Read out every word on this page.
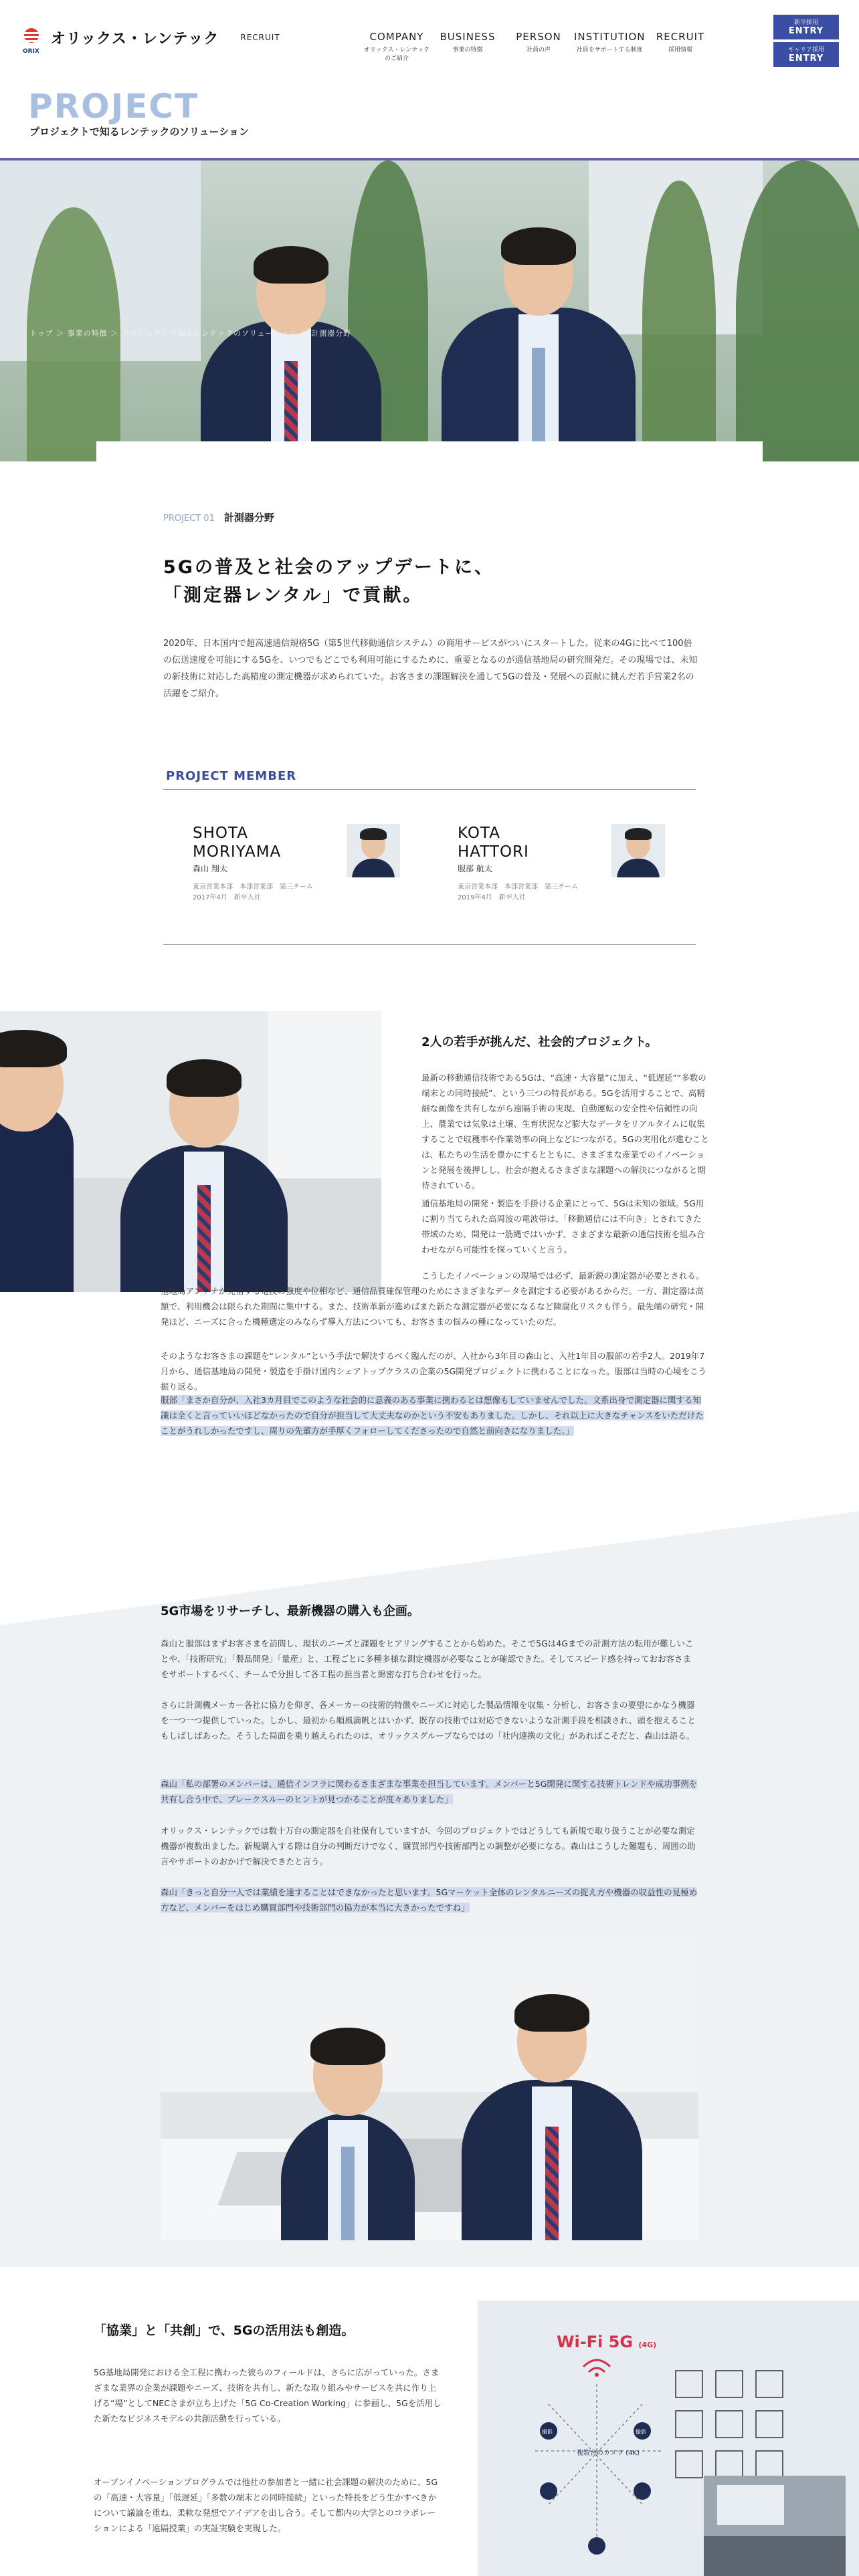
オリックス・レンテック	RECRUIT
ORIX
COMPANY
オリックス・レンテックのご紹介
BUSINESS
事業の特徴
PERSON
社員の声
INSTITUTION
社員をサポートする制度
RECRUIT
採用情報
新卒採用
ENTRY
キャリア採用
ENTRY
PROJECT
プロジェクトで知るレンテックのソリューション
トップ ＞ 事業の特徴 ＞ プロジェクトで知るレンテックのソリューション ＞ 計測器分野
PROJECT 01 計測器分野
5Gの普及と社会のアップデートに、
「測定器レンタル」で貢献。

2020年、日本国内で超高速通信規格5G（第5世代移動通信システム）の商用サービスがついにスタートした。従来の4Gに比べて100倍の伝送速度を可能にする5Gを、いつでもどこでも利用可能にするために、重要となるのが通信基地局の研究開発だ。その現場では、未知の新技術に対応した高精度の測定機器が求められていた。お客さまの課題解決を通して5Gの普及・発展への貢献に挑んだ若手営業2名の活躍をご紹介。

PROJECT MEMBER
SHOTA
MORIYAMA
森山 翔太
東京営業本部　本部営業部　第三チーム
2017年4月　新卒入社
KOTA
HATTORI
服部 航太
東京営業本部　本部営業部　第三チーム
2019年4月　新卒入社
2人の若手が挑んだ、社会的プロジェクト。

最新の移動通信技術である5Gは、“高速・大容量”に加え、“低遅延”“多数の端末との同時接続”、という三つの特長がある。5Gを活用することで、高精細な画像を共有しながら遠隔手術の実現、自動運転の安全性や信頼性の向上、農業では気象は土壌、生育状況など膨大なデータをリアルタイムに収集することで収穫率や作業効率の向上などにつながる。5Gの実用化が進むことは、私たちの生活を豊かにするとともに、さまざまな産業でのイノベーションと発展を後押しし、社会が抱えるさまざまな課題への解決につながると期待されている。

通信基地局の開発・製造を手掛ける企業にとって、5Gは未知の領域。5G用に割り当てられた高周波の電波帯は、「移動通信には不向き」とされてきた帯域のため、開発は一筋縄ではいかず、さまざまな最新の通信技術を組み合わせながら可能性を探っていくと言う。

こうしたイノベーションの現場では必ず、最新鋭の測定器が必要とされる。基地局アンテナが発信する電波の強度や位相など、通信品質確保管理のためにさまざまなデータを測定する必要があるからだ。一方、測定器は高額で、利用機会は限られた期間に集中する。また、技術革新が進めばまた新たな測定器が必要になるなど陳腐化リスクも伴う。最先端の研究・開発ほど、ニーズに合った機種選定のみならず導入方法についても、お客さまの悩みの種になっていたのだ。

そのようなお客さまの課題を“レンタル”という手法で解決するべく臨んだのが、入社から3年目の森山と、入社1年目の服部の若手2人。2019年7月から、通信基地局の開発・製造を手掛け国内シェアトップクラスの企業の5G開発プロジェクトに携わることになった。服部は当時の心境をこう振り返る。

服部「まさか自分が、入社3カ月目でこのような社会的に意義のある事業に携わるとは想像もしていませんでした。文系出身で測定器に関する知識は全くと言っていいほどなかったので自分が担当して大丈夫なのかという不安もありました。しかし、それ以上に大きなチャンスをいただけたことがうれしかったですし、周りの先輩方が手厚くフォローしてくださったので自然と前向きになりました。」

5G市場をリサーチし、最新機器の購入も企画。

森山と服部はまずお客さまを訪問し、現状のニーズと課題をヒアリングすることから始めた。そこで5Gは4Gまでの計測方法の転用が難しいことや、「技術研究」「製品開発」「量産」と、工程ごとに多種多様な測定機器が必要なことが確認できた。そしてスピード感を持っておお客さまをサポートするべく、チームで分担して各工程の担当者と綿密な打ち合わせを行った。

さらに計測機メーカー各社に協力を仰ぎ、各メーカーの技術的特徴やニーズに対応した製品情報を収集・分析し、お客さまの要望にかなう機器を一つ一つ提供していった。しかし、最初から順風満帆とはいかず、既存の技術では対応できないような計測手段を相談され、頭を抱えることもしばしばあった。そうした局面を乗り越えられたのは、オリックスグループならではの「社内連携の文化」があればこそだと、森山は語る。

森山「私の部署のメンバーは、通信インフラに関わるさまざまな事業を担当しています。メンバーと5G開発に関する技術トレンドや成功事例を共有し合う中で、ブレークスルーのヒントが見つかることが度々ありました」

オリックス・レンテックでは数十万台の測定器を自社保有していますが、今回のプロジェクトではどうしても新規で取り扱うことが必要な測定機器が複数出ました。新規購入する際は自分の判断だけでなく、購買部門や技術部門との調整が必要になる。森山はこうした難題も、周囲の助言やサポートのおかげで解決できたと言う。

森山「きっと自分一人では業績を達することはできなかったと思います。5Gマーケット全体のレンタルニーズの捉え方や機器の収益性の見極め方など、メンバーをはじめ購買部門や技術部門の協力が本当に大きかったですね」

「協業」と「共創」で、5Gの活用法も創造。

5G基地局開発における全工程に携わった彼らのフィールドは、さらに広がっていった。さまざまな業界の企業が課題やニーズ、技術を共有し、新たな取り組みやサービスを共に作り上げる“場”としてNECさまが立ち上げた「5G Co-Creation Working」に参画し、5Gを活用した新たなビジネスモデルの共創活動を行っている。

オープンイノベーションプログラムでは他社の参加者と一緒に社会課題の解決のために、5Gの「高速・大容量」「低遅延」「多数の端末との同時接続」といった特長をどう生かすべきかについて議論を重ね、柔軟な発想でアイデアを出し合う。そして都内の大学とのコラボレーションによる「遠隔授業」の実証実験を実現した。

Wi-Fi 5G (4G)
複数台のカメラ (4K)
撮影	撮影
